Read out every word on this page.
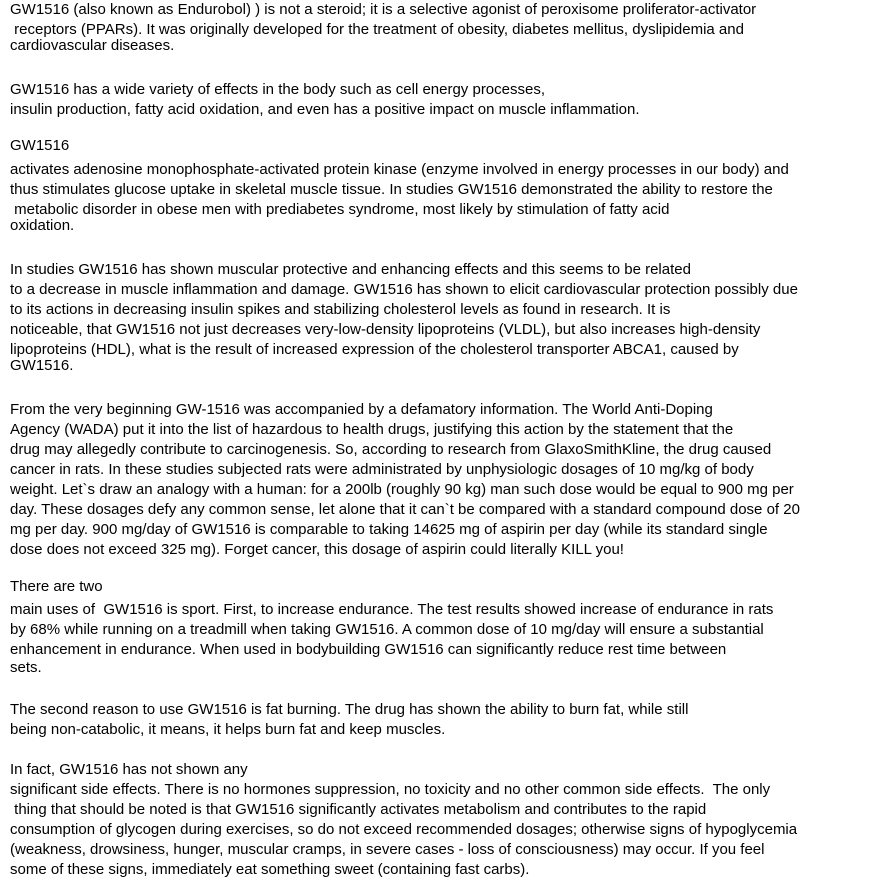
GW1516 (also known as Endurobol) ) is not a steroid; it is a selective agonist of peroxisome proliferator-activator
receptors (PPARs). It was originally developed for the treatment of obesity, diabetes mellitus, dyslipidemia and
cardiovascular diseases.
GW1516 has a wide variety of effects in the body such as cell energy processes,
insulin production, fatty acid oxidation, and even has a positive impact on muscle inflammation.
GW1516
activates adenosine monophosphate-activated protein kinase (enzyme involved in energy processes in our body) and
thus stimulates glucose uptake in skeletal muscle tissue. In studies GW1516 demonstrated the ability to restore the
metabolic disorder in obese men with prediabetes syndrome, most likely by stimulation of fatty acid
oxidation.
In studies GW1516 has shown muscular protective and enhancing effects and this seems to be related
to a decrease in muscle inflammation and damage. GW1516 has shown to elicit cardiovascular protection possibly due
to its actions in decreasing insulin spikes and stabilizing cholesterol levels as found in research. It is
noticeable, that GW1516 not just decreases very-low-density lipoproteins (VLDL), but also increases high-density
lipoproteins (HDL), what is the result of increased expression of the cholesterol transporter ABCA1, caused by
GW1516.
From the very beginning GW-1516 was accompanied by a defamatory information. The World Anti-Doping
Agency (WADA) put it into the list of hazardous to health drugs, justifying this action by the statement that the
drug may allegedly contribute to carcinogenesis. So, according to research from GlaxoSmithKline, the drug caused
cancer in rats. In these studies subjected rats were administrated by unphysiologic dosages of 10 mg/kg of body
weight. Let`s draw an analogy with a human: for a 200lb (roughly 90 kg) man such dose would be equal to 900 mg per
day. These dosages defy any common sense, let alone that it can`t be compared with a standard compound dose of 20
mg per day. 900 mg/day of GW1516 is comparable to taking 14625 mg of aspirin per day (while its standard single
dose does not exceed 325 mg). Forget cancer, this dosage of aspirin could literally KILL you!
There are two
main uses of  GW1516 is sport. First, to increase endurance. The test results showed increase of endurance in rats
by 68% while running on a treadmill when taking GW1516. A common dose of 10 mg/day will ensure a substantial
enhancement in endurance. When used in bodybuilding GW1516 can significantly reduce rest time between
sets.
The second reason to use GW1516 is fat burning. The drug has shown the ability to burn fat, while still
being non-catabolic, it means, it helps burn fat and keep muscles.
In fact, GW1516 has not shown any
significant side effects. There is no hormones suppression, no toxicity and no other common side effects.  The only
thing that should be noted is that GW1516 significantly activates metabolism and contributes to the rapid
consumption of glycogen during exercises, so do not exceed recommended dosages; otherwise signs of hypoglycemia
(weakness, drowsiness, hunger, muscular cramps, in severe cases - loss of consciousness) may occur. If you feel
some of these signs, immediately eat something sweet (containing fast carbs).
